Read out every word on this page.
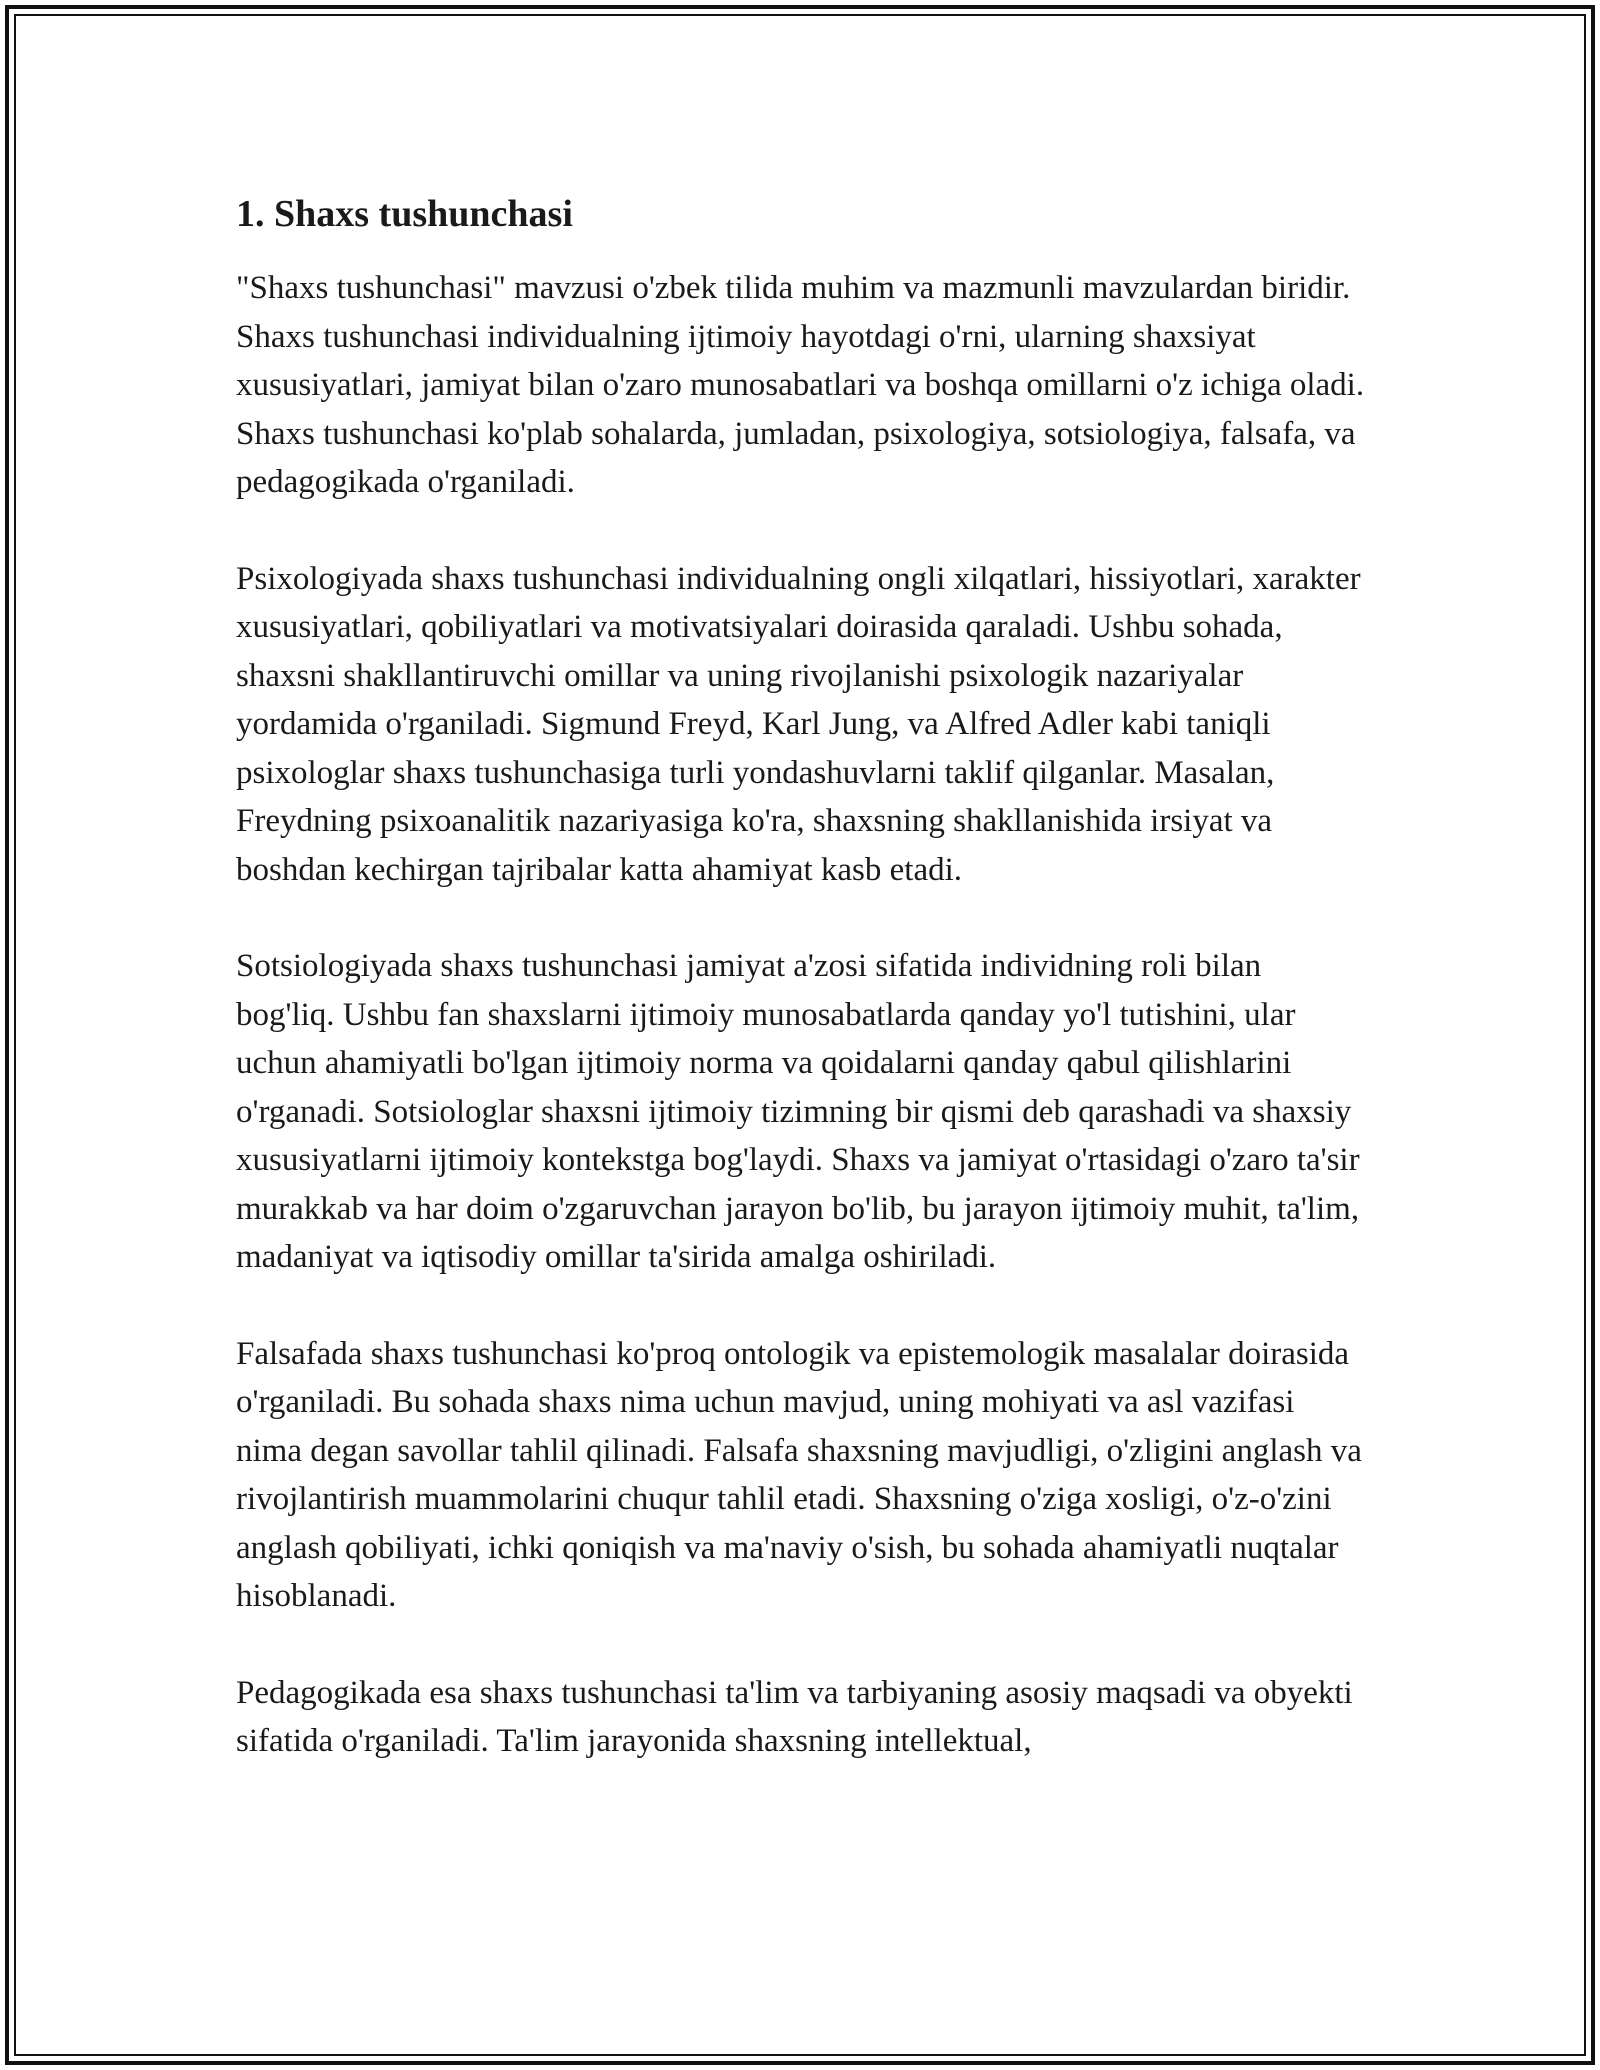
1. Shaxs tushunchasi

"Shaxs tushunchasi" mavzusi o'zbek tilida muhim va mazmunli mavzulardan biridir. Shaxs tushunchasi individualning ijtimoiy hayotdagi o'rni, ularning shaxsiyat xususiyatlari, jamiyat bilan o'zaro munosabatlari va boshqa omillarni o'z ichiga oladi. Shaxs tushunchasi ko'plab sohalarda, jumladan, psixologiya, sotsiologiya, falsafa, va pedagogikada o'rganiladi.

Psixologiyada shaxs tushunchasi individualning ongli xilqatlari, hissiyotlari, xarakter xususiyatlari, qobiliyatlari va motivatsiyalari doirasida qaraladi. Ushbu sohada, shaxsni shakllantiruvchi omillar va uning rivojlanishi psixologik nazariyalar yordamida o'rganiladi. Sigmund Freyd, Karl Jung, va Alfred Adler kabi taniqli psixologlar shaxs tushunchasiga turli yondashuvlarni taklif qilganlar. Masalan, Freydning psixoanalitik nazariyasiga ko'ra, shaxsning shakllanishida irsiyat va boshdan kechirgan tajribalar katta ahamiyat kasb etadi.

Sotsiologiyada shaxs tushunchasi jamiyat a'zosi sifatida individning roli bilan bog'liq. Ushbu fan shaxslarni ijtimoiy munosabatlarda qanday yo'l tutishini, ular uchun ahamiyatli bo'lgan ijtimoiy norma va qoidalarni qanday qabul qilishlarini o'rganadi. Sotsiologlar shaxsni ijtimoiy tizimning bir qismi deb qarashadi va shaxsiy xususiyatlarni ijtimoiy kontekstga bog'laydi. Shaxs va jamiyat o'rtasidagi o'zaro ta'sir murakkab va har doim o'zgaruvchan jarayon bo'lib, bu jarayon ijtimoiy muhit, ta'lim, madaniyat va iqtisodiy omillar ta'sirida amalga oshiriladi.

Falsafada shaxs tushunchasi ko'proq ontologik va epistemologik masalalar doirasida o'rganiladi. Bu sohada shaxs nima uchun mavjud, uning mohiyati va asl vazifasi nima degan savollar tahlil qilinadi. Falsafa shaxsning mavjudligi, o'zligini anglash va rivojlantirish muammolarini chuqur tahlil etadi. Shaxsning o'ziga xosligi, o'z-o'zini anglash qobiliyati, ichki qoniqish va ma'naviy o'sish, bu sohada ahamiyatli nuqtalar hisoblanadi.

Pedagogikada esa shaxs tushunchasi ta'lim va tarbiyaning asosiy maqsadi va obyekti sifatida o'rganiladi. Ta'lim jarayonida shaxsning intellektual,
